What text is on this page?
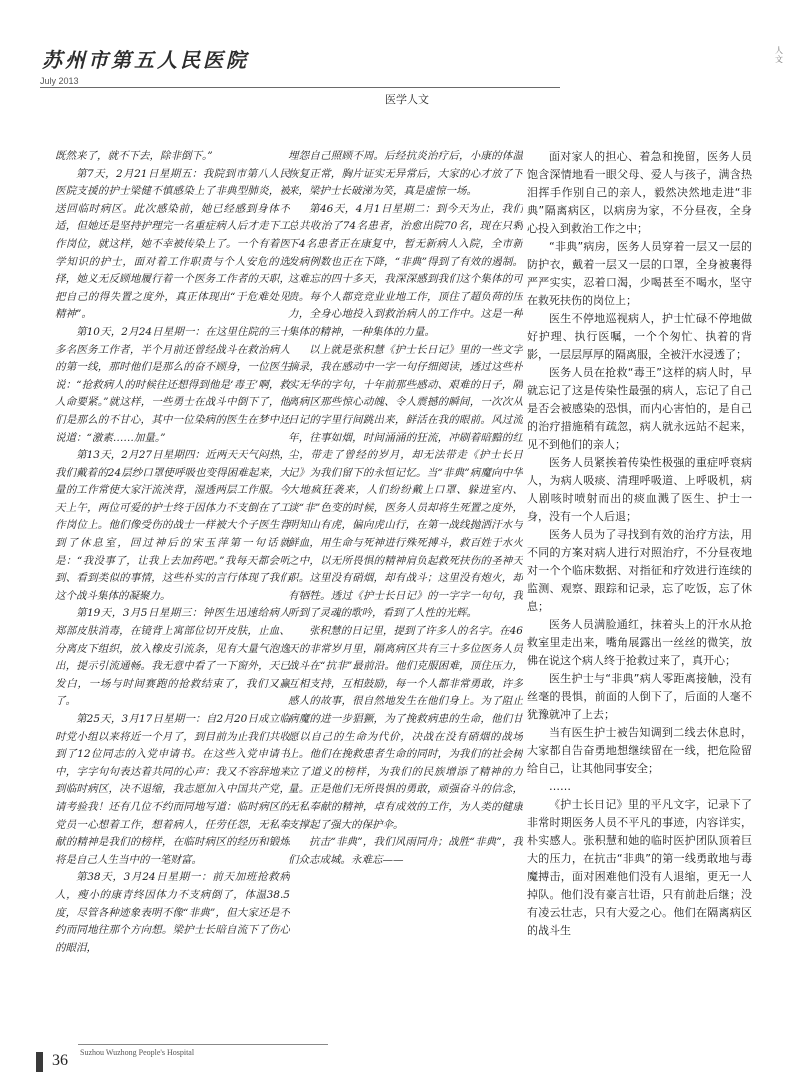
苏州市第五人民医院
July 2013
医学人文
人文

既然来了，就不下去，除非倒下。”

第7天，2月21日星期五：我院到市第八人民医院支援的护士梁健不慎感染上了非典型肺炎，被送回临时病区。此次感染前，她已经感到身体不适，但她还是坚持护理完一名重症病人后才走下工作岗位，就这样，她不幸被传染上了。一个有着医学知识的护士，面对着工作职责与个人安危的选择，她义无反顾地履行着一个医务工作者的天职，把自己的得失置之度外，真正体现出“于危难处见精神”。

第10天，2月24日星期一：在这里住院的三十多名医务工作者，半个月前还曾经战斗在救治病人的第一线，那时他们是那么的奋不顾身，一位医生说：“抢救病人的时候往还想得到他是‘毒王’啊，救人命要紧。”就这样，一些勇士在战斗中倒下了，他们是那么的不甘心，其中一位染病的医生在梦中还说道：“激素……加量。”

第13天，2月27日星期四：近两天天气闷热，我们戴着的24层纱口罩使呼吸也变得困难起来，大量的工作常使大家汗流浃背，湿透两层工作服。今天上午，两位可爱的护士终于因体力不支倒在了工作岗位上。他们像受伤的战士一样被大个子医生背到了休息室，回过神后的宋玉萍第一句话就是：“我没事了，让我上去加药吧。”我每天都会听到、看到类似的事情，这些朴实的言行体现了我们这个战斗集体的凝聚力。

第19天，3月5日星期三：钟医生迅速给病人郑部皮肤消毒，在镜背上寓部位切开皮肤，止血、分离皮下组织，放入橡皮引流条，见有大量气泡逸出，提示引流通畅。我无意中看了一下窗外，天已发白，一场与时间赛跑的抢救结束了，我们又赢了。

第25天，3月17日星期一：自2月20日成立临时党小组以来将近一个月了，到目前为止我们共收到了12位同志的入党申请书。在这些入党申请书中，字字句句表达着共同的心声：我又不容辞地来到临时病区，决不退缩，我志愿加入中国共产党，请考验我！还有几位不约而同地写道：临时病区的党员一心想着工作，想着病人，任劳任怨，无私奉献的精神是我们的榜样，在临时病区的经历和锻炼将是自己人生当中的一笔财富。

第38天，3月24日星期一：前天加班抢救病人，瘦小的康青终因体力不支病倒了，体温38.5度，尽管各种迹象表明不像“非典”，但大家还是不约而同地往那个方向想。梁护士长暗自流下了伤心的眼泪，

埋怨自己照顾不周。后经抗炎治疗后，小康的体温恢复正常，胸片证实无异常后，大家的心才放了下来，梁护士长破涕为笑，真是虚惊一场。

第46天，4月1日星期二：到今天为止，我们总共收治了74名患者，治愈出院70名，现在只剩下4名患者正在康复中，暂无新病人入院，全市新发病例数也正在下降，“非典”得到了有效的遏制。这难忘的四十多天，我深深感到我们这个集体的可贵。每个人都竞竞业业地工作，顶住了超负荷的压力，全身心地投入到救治病人的工作中。这是一种集体的精神，一种集体的力量。

以上就是张积慧《护士长日记》里的一些文字摘录，我在感动中一字一句仔细阅读，透过这些朴实无华的字句，十年前那些感动、艰难的日子，隔离病区那些惊心动魄、令人震撼的瞬间，一次次从日记的字里行间跳出来，鲜活在我的眼前。风过流年，往事如烟，时间涌涌的狂流，冲刷着暗黯的红尘，带走了曾经的岁月，却无法带走《护士长日记》为我们留下的永恒记忆。当“非典”病魔向中华大地疯狂袭来，人们纷纷戴上口罩、躲进室内、谈“非”色变的时候，医务人员却将生死置之度外，明知山有虎，偏向虎山行，在第一战线抛洒汗水与鲜血，用生命与死神进行殊死搏斗，救百姓于水火之中，以无所畏惧的精神肩负起救死扶伤的圣神天职。这里没有硝烟，却有战斗；这里没有炮火，却有牺牲。透过《护士长日记》的一字字一句句，我听到了灵魂的歌吟，看到了人性的光辉。

张积慧的日记里，提到了许多人的名字。在46天的非常岁月里，隔离病区共有三十多位医务人员战斗在“抗非”最前沿。他们克服困难，顶住压力，互相支持，互相鼓励，每一个人都非常勇敢，许多感人的故事，很自然地发生在他们身上。为了阻止病魔的进一步猖獗，为了挽救病患的生命，他们甘愿以自己的生命为代价，决战在没有硝烟的战场上。他们在挽救患者生命的同时，为我们的社会树立了道义的榜样，为我们的民族增添了精神的力量。正是他们无所畏惧的勇敢，顽强奋斗的信念，无私奉献的精神，卓有成效的工作，为人类的健康支撑起了强大的保护伞。

抗击“非典”，我们风雨同舟；战胜“非典”，我们众志成城。永难忘——

面对家人的担心、着急和挽留，医务人员饱含深情地看一眼父母、爱人与孩子，满含热泪挥手作别自己的亲人，毅然决然地走进“非典”隔离病区，以病房为家，不分昼夜，全身心投入到救治工作之中；

“非典”病房，医务人员穿着一层又一层的防护衣，戴着一层又一层的口罩，全身被裹得严严实实，忍着口渴，少喝甚至不喝水，坚守在救死扶伤的岗位上；

医生不停地巡视病人，护士忙碌不停地做好护理、执行医嘱，一个个匆忙、执着的背影，一层层厚厚的隔离服，全被汗水浸透了；

医务人员在抢救“毒王”这样的病人时，早就忘记了这是传染性最强的病人，忘记了自己是否会被感染的恐惧，而内心害怕的，是自己的治疗措施稍有疏忽，病人就永远站不起来，见不到他们的亲人；

医务人员紧挨着传染性极强的重症呼衰病人，为病人吸痰、清理呼吸道、上呼吸机，病人剧咳时喷射而出的痰血溅了医生、护士一身，没有一个人后退；

医务人员为了寻找到有效的治疗方法，用不同的方案对病人进行对照治疗，不分昼夜地对一个个临床数据、对指征和疗效进行连续的监测、观察、跟踪和记录，忘了吃饭，忘了休息；

医务人员满脸通红，抹着头上的汗水从抢救室里走出来，嘴角展露出一丝丝的微笑，放佛在说这个病人终于抢救过来了，真开心；

医生护士与“非典”病人零距离接触，没有丝毫的畏惧，前面的人倒下了，后面的人毫不犹豫就冲了上去；

当有医生护士被告知调到二线去休息时，大家都自告奋勇地想继续留在一线，把危险留给自己，让其他同事安全；

……

《护士长日记》里的平凡文字，记录下了非常时期医务人员不平凡的事迹，内容详实，朴实感人。张积慧和她的临时医护团队顶着巨大的压力，在抗击“非典”的第一线勇敢地与毒魔搏击，面对困难他们没有人退缩，更无一人掉队。他们没有豪言壮语，只有前赴后继；没有凌云壮志，只有大爱之心。他们在隔离病区的战斗生

36 Suzhou Wuzhong People's Hospital
